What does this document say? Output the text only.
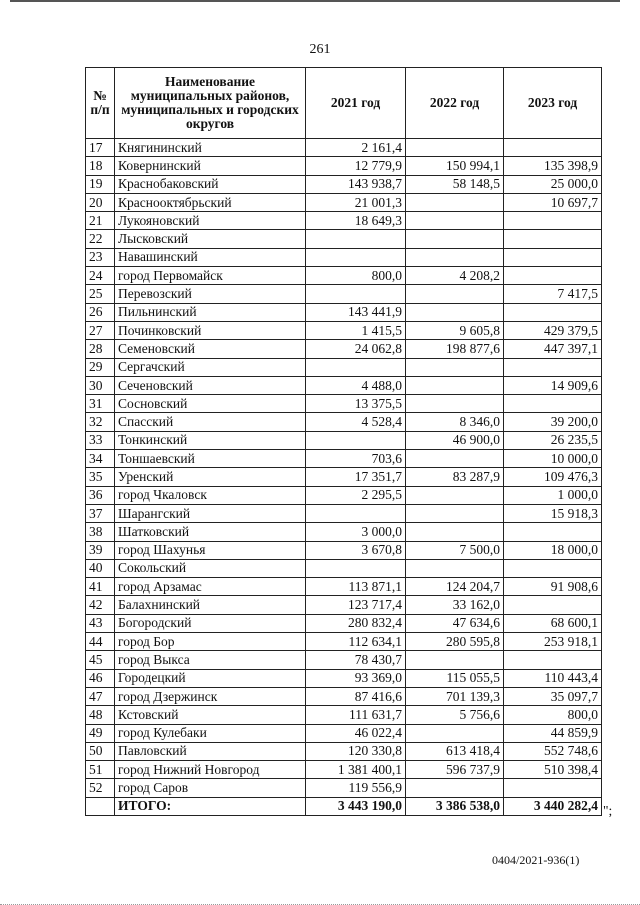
261
№ п/п	Наименование муниципальных районов, муниципальных и городских округов	2021 год	2022 год	2023 год
17	Княгининский	2 161,4		
18	Ковернинский	12 779,9	150 994,1	135 398,9
19	Краснобаковский	143 938,7	58 148,5	25 000,0
20	Краснооктябрьский	21 001,3		10 697,7
21	Лукояновский	18 649,3		
22	Лысковский			
23	Навашинский			
24	город Первомайск	800,0	4 208,2	
25	Перевозский			7 417,5
26	Пильнинский	143 441,9		
27	Починковский	1 415,5	9 605,8	429 379,5
28	Семеновский	24 062,8	198 877,6	447 397,1
29	Сергачский			
30	Сеченовский	4 488,0		14 909,6
31	Сосновский	13 375,5		
32	Спасский	4 528,4	8 346,0	39 200,0
33	Тонкинский		46 900,0	26 235,5
34	Тоншаевский	703,6		10 000,0
35	Уренский	17 351,7	83 287,9	109 476,3
36	город Чкаловск	2 295,5		1 000,0
37	Шарангский			15 918,3
38	Шатковский	3 000,0		
39	город Шахунья	3 670,8	7 500,0	18 000,0
40	Сокольский			
41	город Арзамас	113 871,1	124 204,7	91 908,6
42	Балахнинский	123 717,4	33 162,0	
43	Богородский	280 832,4	47 634,6	68 600,1
44	город Бор	112 634,1	280 595,8	253 918,1
45	город Выкса	78 430,7		
46	Городецкий	93 369,0	115 055,5	110 443,4
47	город Дзержинск	87 416,6	701 139,3	35 097,7
48	Кстовский	111 631,7	5 756,6	800,0
49	город Кулебаки	46 022,4		44 859,9
50	Павловский	120 330,8	613 418,4	552 748,6
51	город Нижний Новгород	1 381 400,1	596 737,9	510 398,4
52	город Саров	119 556,9		
	ИТОГО:	3 443 190,0	3 386 538,0	3 440 282,4 ";
0404/2021-936(1)
